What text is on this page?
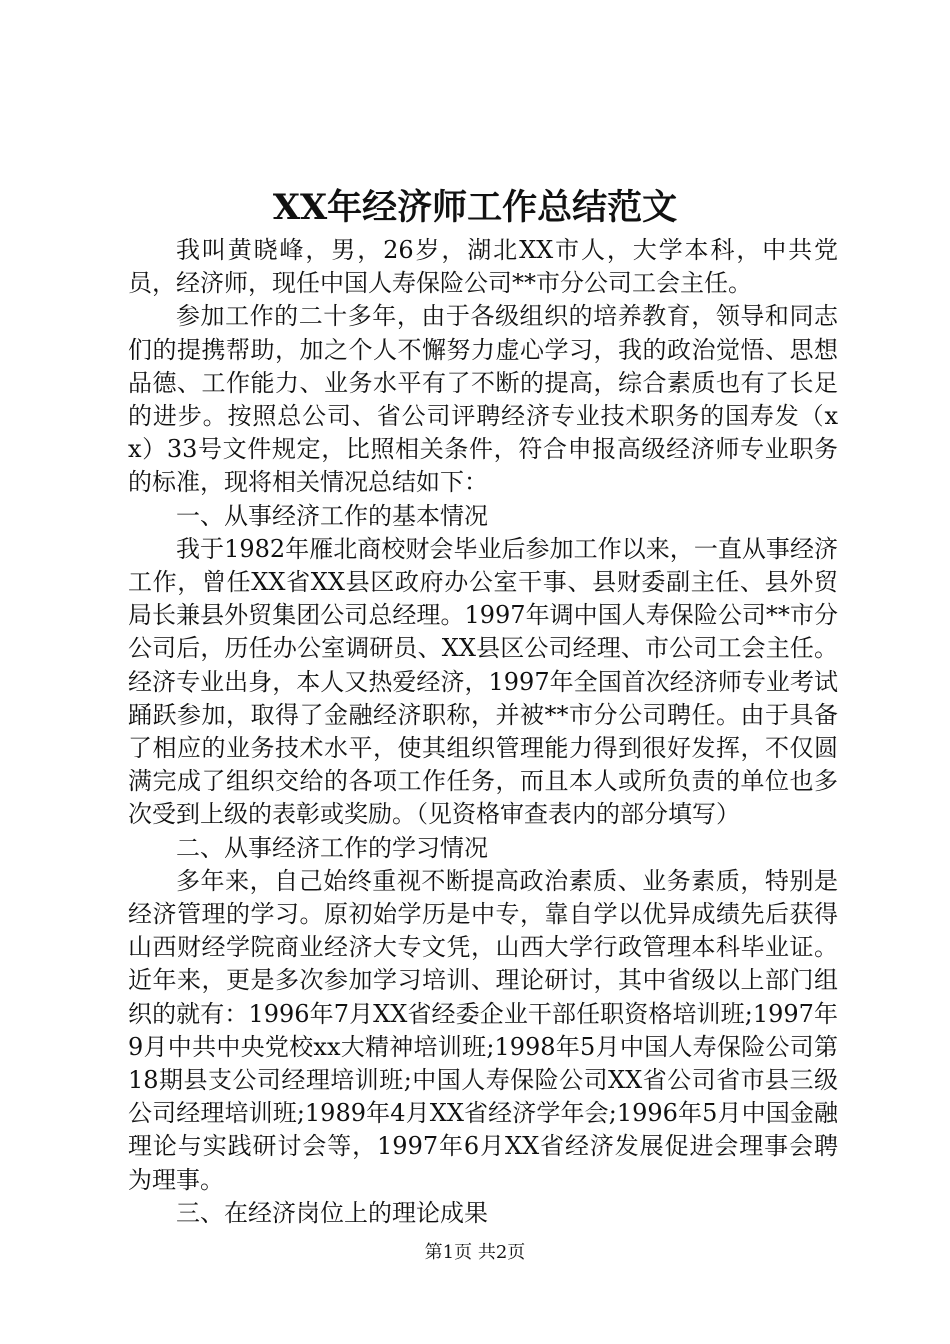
XX年经济师工作总结范文

我叫黄晓峰，男，26岁，湖北XX市人，大学本科，中共党员，经济师，现任中国人寿保险公司**市分公司工会主任。

参加工作的二十多年，由于各级组织的培养教育，领导和同志们的提携帮助，加之个人不懈努力虚心学习，我的政治觉悟、思想品德、工作能力、业务水平有了不断的提高，综合素质也有了长足的进步。按照总公司、省公司评聘经济专业技术职务的国寿发（xx）33号文件规定，比照相关条件，符合申报高级经济师专业职务的标准，现将相关情况总结如下：

一、从事经济工作的基本情况

我于1982年雁北商校财会毕业后参加工作以来，一直从事经济工作，曾任XX省XX县区政府办公室干事、县财委副主任、县外贸局长兼县外贸集团公司总经理。1997年调中国人寿保险公司**市分公司后，历任办公室调研员、XX县区公司经理、市公司工会主任。经济专业出身，本人又热爱经济，1997年全国首次经济师专业考试踊跃参加，取得了金融经济职称，并被**市分公司聘任。由于具备了相应的业务技术水平，使其组织管理能力得到很好发挥，不仅圆满完成了组织交给的各项工作任务，而且本人或所负责的单位也多次受到上级的表彰或奖励。（见资格审查表内的部分填写）

二、从事经济工作的学习情况

多年来，自己始终重视不断提高政治素质、业务素质，特别是经济管理的学习。原初始学历是中专，靠自学以优异成绩先后获得山西财经学院商业经济大专文凭，山西大学行政管理本科毕业证。近年来，更是多次参加学习培训、理论研讨，其中省级以上部门组织的就有：1996年7月XX省经委企业干部任职资格培训班;1997年9月中共中央党校xx大精神培训班;1998年5月中国人寿保险公司第18期县支公司经理培训班;中国人寿保险公司XX省公司省市县三级公司经理培训班;1989年4月XX省经济学年会;1996年5月中国金融理论与实践研讨会等，1997年6月XX省经济发展促进会理事会聘为理事。

三、在经济岗位上的理论成果

第1页 共2页
